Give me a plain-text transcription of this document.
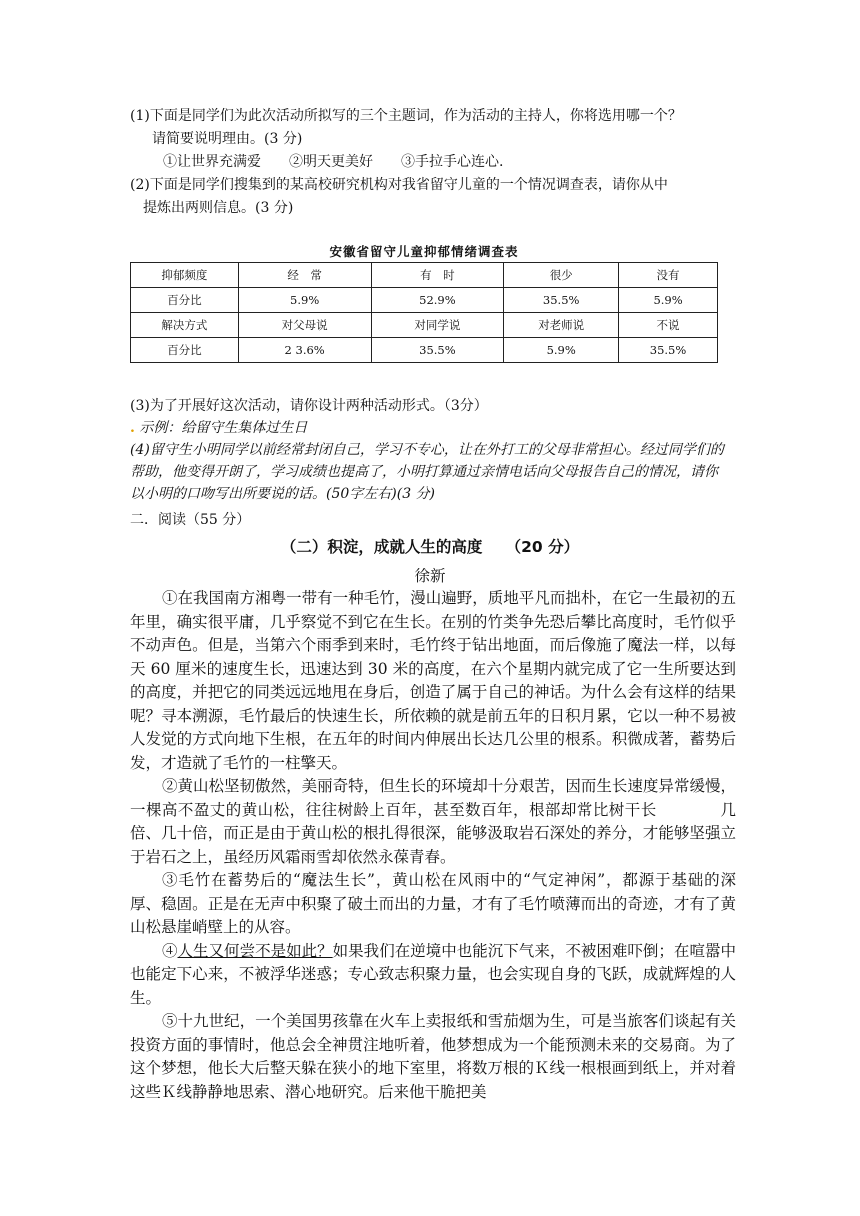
(1)下面是同学们为此次活动所拟写的三个主题词，作为活动的主持人，你将选用哪一个？
请简要说明理由。(3 分)
①让世界充满爱　　②明天更美好　　③手拉手心连心.
(2)下面是同学们搜集到的某高校研究机构对我省留守儿童的一个情况调查表，请你从中
提炼出两则信息。(3 分)
安徽省留守儿童抑郁情绪调查表
抑郁频度	经　常	有　时	很少	没有
百分比	5.9%	52.9%	35.5%	5.9%
解决方式	对父母说	对同学说	对老师说	不说
百分比	2 3.6%	35.5%	5.9%	35.5%
(3)为了开展好这次活动，请你设计两种活动形式。（3分）
. 示例：给留守生集体过生日
(4)留守生小明同学以前经常封闭自己，学习不专心，让在外打工的父母非常担心。经过同学们的帮助，他变得开朗了，学习成绩也提高了，小明打算通过亲情电话向父母报告自己的情况，请你以小明的口吻写出所要说的话。(50字左右)(3 分)
二．阅读（55 分）
（二）积淀，成就人生的高度　　（20 分）
徐新

①在我国南方湘粤一带有一种毛竹，漫山遍野，质地平凡而拙朴，在它一生最初的五年里，确实很平庸，几乎察觉不到它在生长。在别的竹类争先恐后攀比高度时，毛竹似乎不动声色。但是，当第六个雨季到来时，毛竹终于钻出地面，而后像施了魔法一样，以每天 60 厘米的速度生长，迅速达到 30 米的高度，在六个星期内就完成了它一生所要达到的高度，并把它的同类远远地甩在身后，创造了属于自己的神话。为什么会有这样的结果呢？寻本溯源，毛竹最后的快速生长，所依赖的就是前五年的日积月累，它以一种不易被人发觉的方式向地下生根，在五年的时间内伸展出长达几公里的根系。积微成著，蓄势后发，才造就了毛竹的一柱擎天。

②黄山松坚韧傲然，美丽奇特，但生长的环境却十分艰苦，因而生长速度异常缓慢，一棵高不盈丈的黄山松，往往树龄上百年，甚至数百年，根部却常比树干长　　　　几倍、几十倍，而正是由于黄山松的根扎得很深，能够汲取岩石深处的养分，才能够坚强立于岩石之上，虽经历风霜雨雪却依然永葆青春。

③毛竹在蓄势后的“魔法生长”，黄山松在风雨中的“气定神闲”，都源于基础的深厚、稳固。正是在无声中积聚了破土而出的力量，才有了毛竹喷薄而出的奇迹，才有了黄山松悬崖峭壁上的从容。

④人生又何尝不是如此？如果我们在逆境中也能沉下气来，不被困难吓倒；在喧嚣中也能定下心来，不被浮华迷惑；专心致志积聚力量，也会实现自身的飞跃，成就辉煌的人生。

⑤十九世纪，一个美国男孩靠在火车上卖报纸和雪茄烟为生，可是当旅客们谈起有关投资方面的事情时，他总会全神贯注地听着，他梦想成为一个能预测未来的交易商。为了这个梦想，他长大后整天躲在狭小的地下室里，将数万根的Ｋ线一根根画到纸上，并对着这些Ｋ线静静地思索、潜心地研究。后来他干脆把美
